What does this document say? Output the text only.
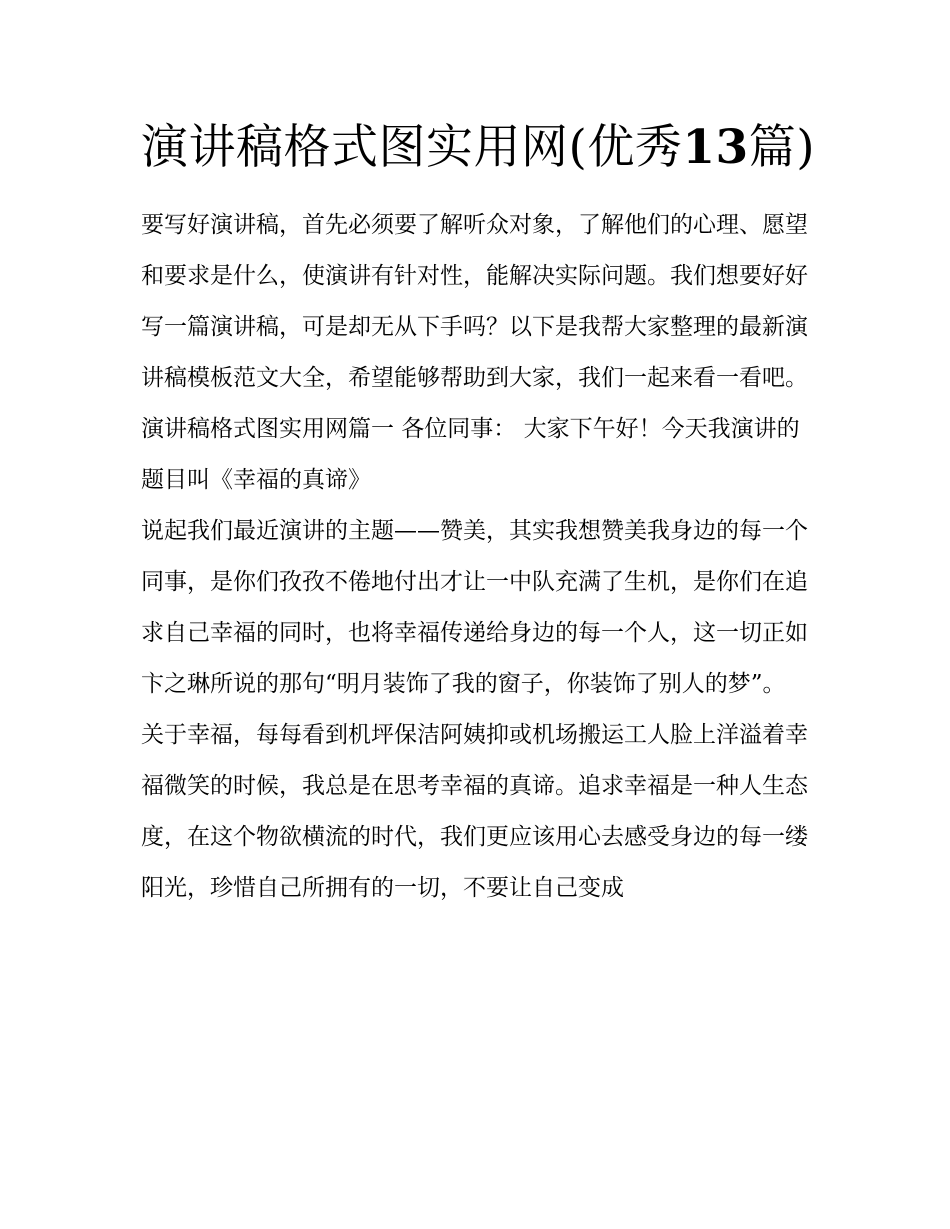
演讲稿格式图实用网(优秀13篇)

要写好演讲稿，首先必须要了解听众对象，了解他们的心理、愿望和要求是什么，使演讲有针对性，能解决实际问题。我们想要好好写一篇演讲稿，可是却无从下手吗？以下是我帮大家整理的最新演讲稿模板范文大全，希望能够帮助到大家，我们一起来看一看吧。

演讲稿格式图实用网篇一 各位同事： 大家下午好！今天我演讲的题目叫《幸福的真谛》

说起我们最近演讲的主题——赞美，其实我想赞美我身边的每一个同事，是你们孜孜不倦地付出才让一中队充满了生机，是你们在追求自己幸福的同时，也将幸福传递给身边的每一个人，这一切正如卞之琳所说的那句“明月装饰了我的窗子，你装饰了别人的梦”。

关于幸福，每每看到机坪保洁阿姨抑或机场搬运工人脸上洋溢着幸福微笑的时候，我总是在思考幸福的真谛。追求幸福是一种人生态度，在这个物欲横流的时代，我们更应该用心去感受身边的每一缕阳光，珍惜自己所拥有的一切，不要让自己变成
